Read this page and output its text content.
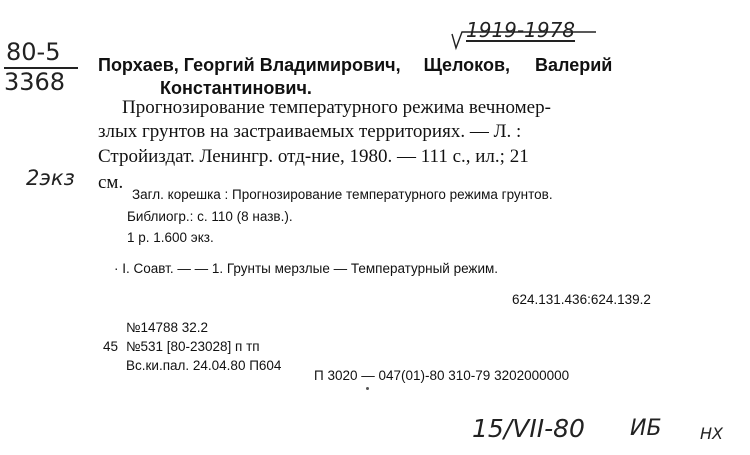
1919-1978
80-5
3368
Порхаев, Георгий Владимирович, Щелоков, Валерий
Константинович.
Прогнозирование температурного режима вечномер-
злых грунтов на застраиваемых территориях. — Л. :
Стройиздат. Ленингр. отд-ние, 1980. — 111 с., ил.; 21
см.
2экз
Загл. корешка : Прогнозирование температурного режима грунтов.
Библиогр.: с. 110 (8 назв.).
1 р. 1.600 экз.
· I. Соавт. — — 1. Грунты мерзлые — Температурный режим.
624.131.436:624.139.2
№14788 32.2
45 №531 [80-23028] п тп
Вс.ки.пал. 24.04.80 П604
П 3020 — 047(01)-80 310-79 3202000000
15/VII-80 ИБ НХ
